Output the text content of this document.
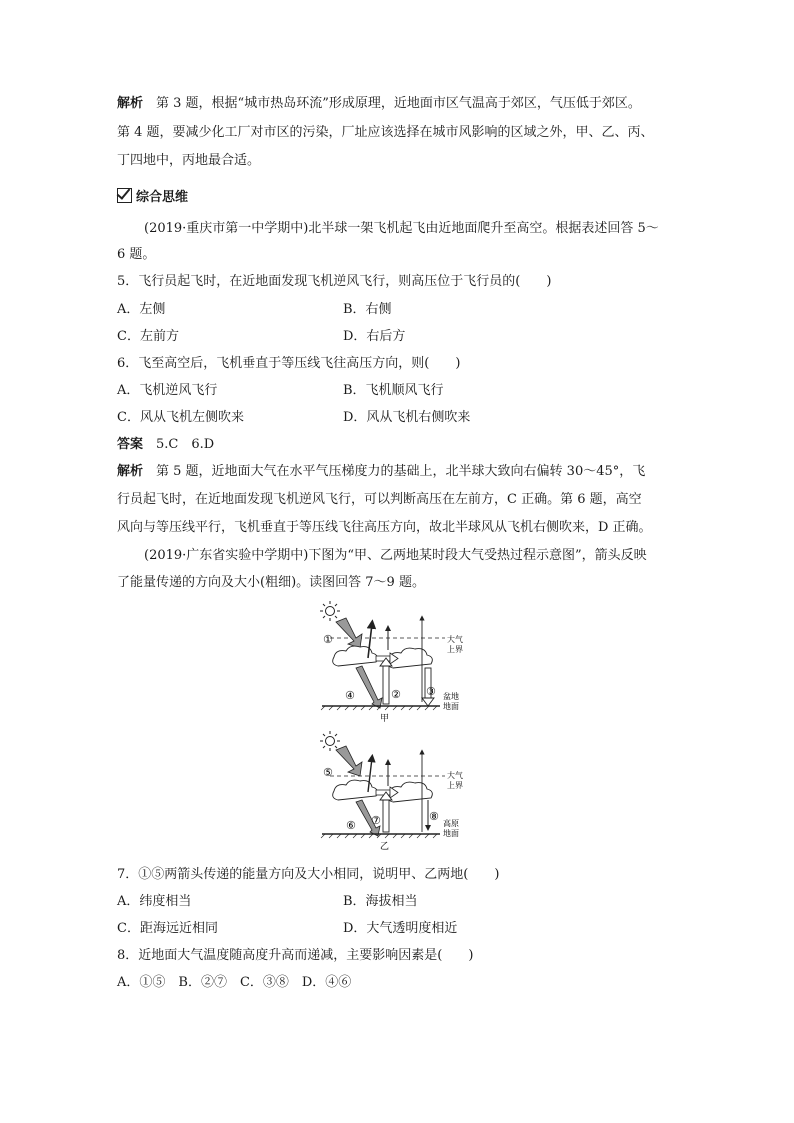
解析　第 3 题，根据“城市热岛环流”形成原理，近地面市区气温高于郊区，气压低于郊区。
第 4 题，要减少化工厂对市区的污染，厂址应该选择在城市风影响的区域之外，甲、乙、丙、
丁四地中，丙地最合适。
综合思维
(2019·重庆市第一中学期中)北半球一架飞机起飞由近地面爬升至高空。根据表述回答 5～
6 题。
5．飞行员起飞时，在近地面发现飞机逆风飞行，则高压位于飞行员的(　　)
A．左侧	B．右侧
C．左前方	D．右后方
6．飞至高空后，飞机垂直于等压线飞往高压方向，则(　　)
A．飞机逆风飞行	B．飞机顺风飞行
C．风从飞机左侧吹来	D．风从飞机右侧吹来
答案　5.C　6.D
解析　第 5 题，近地面大气在水平气压梯度力的基础上，北半球大致向右偏转 30～45°，飞
行员起飞时，在近地面发现飞机逆风飞行，可以判断高压在左前方，C 正确。第 6 题，高空
风向与等压线平行，飞机垂直于等压线飞往高压方向，故北半球风从飞机右侧吹来，D 正确。
(2019·广东省实验中学期中)下图为“甲、乙两地某时段大气受热过程示意图”，箭头反映
了能量传递的方向及大小(粗细)。读图回答 7～9 题。
①
② ③
④
大气
上界
盆地
地面
甲
⑤
⑥ ⑦	⑧
大气
上界
高原
地面
乙
7．①⑤两箭头传递的能量方向及大小相同，说明甲、乙两地(　　)
A．纬度相当	B．海拔相当
C．距海远近相同	D．大气透明度相近
8．近地面大气温度随高度升高而递减，主要影响因素是(　　)
A．①⑤　B．②⑦　C．③⑧　D．④⑥
